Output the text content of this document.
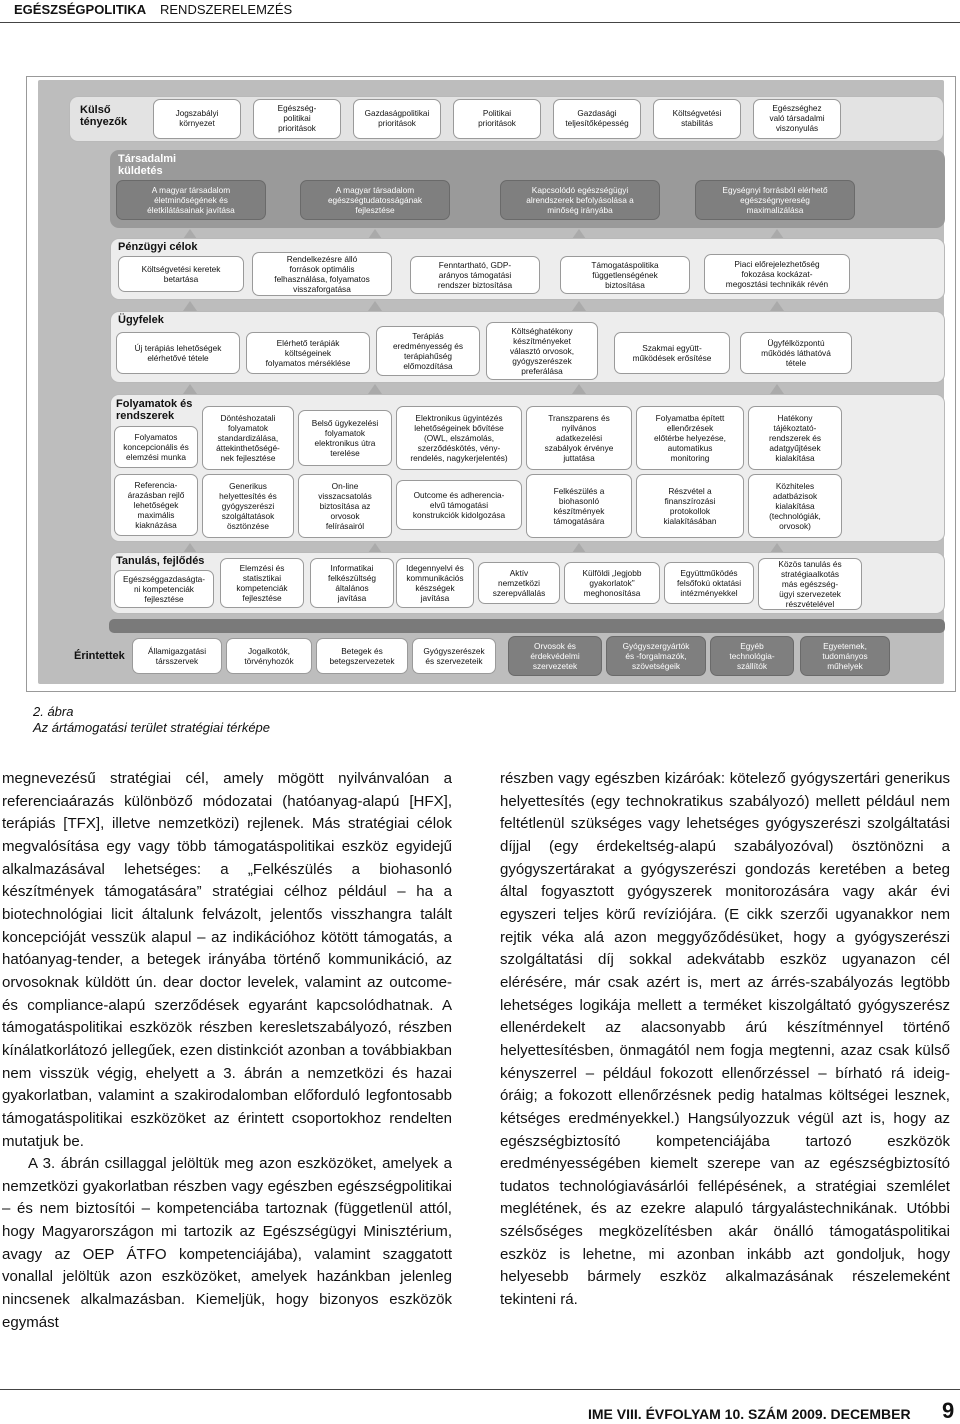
EGÉSZSÉGPOLITIKA RENDSZERELEMZÉS
Külső
tényezők
Jogszabályi
környezet
Egészség-
politikai
prioritások
Gazdaságpolitikai
prioritások
Politikai
prioritások
Gazdasági
teljesítőképesség
Költségvetési
stabilitás
Egészséghez
való társadalmi
viszonyulás
Társadalmi
küldetés
A magyar társadalom
életminőségének és
életkilátásainak javítása
A magyar társadalom
egészségtudatosságának
fejlesztése
Kapcsolódó egészségügyi
alrendszerek befolyásolása a
minőség irányába
Egységnyi forrásból elérhető
egészségnyereség
maximalizálása
Pénzügyi célok
Költségvetési keretek
betartása
Rendelkezésre álló
források optimális
felhasználása, folyamatos
visszaforgatása
Fenntartható, GDP-
arányos támogatási
rendszer biztosítása
Támogatáspolitika
függetlenségének
biztosítása
Piaci előrejelezhetőség
fokozása kockázat-
megosztási technikák révén
Ügyfelek
Új terápiás lehetőségek
elérhetővé tétele
Elérhető terápiák
költségeinek
folyamatos mérséklése
Terápiás
eredményesség és
terápiahűség
előmozdítása
Költséghatékony
készítményeket
választó orvosok,
gyógyszerészek
preferálása
Szakmai együtt-
működések erősítése
Ügyfélközpontú
működés láthatóvá
tétele
Folyamatok és
rendszerek
Folyamatos
koncepcionális és
elemzési munka
Referencia-
árazásban rejlő
lehetőségek
maximális
kiaknázása
Döntéshozatali
folyamatok
standardizálása,
áttekinthetőségé-
nek fejlesztése
Belső ügykezelési
folyamatok
elektronikus útra
terelése
Elektronikus ügyintézés
lehetőségeinek bővítése
(OWL, elszámolás,
szerződéskötés, vény-
rendelés, nagykerjelentés)
Transzparens és
nyilvános
adatkezelési
szabályok érvénye
juttatása
Folyamatba épített
ellenőrzések
előtérbe helyezése,
automatikus
monitoring
Hatékony
tájékoztató-
rendszerek és
adatgyűjtések
kialakítása
Generikus
helyettesítés és
gyógyszerészi
szolgáltatások
ösztönzése
On-line
visszacsatolás
biztosítása az
orvosok
felírásairól
Outcome és adherencia-
elvű támogatási
konstrukciók kidolgozása
Felkészülés a
biohasonló
készítmények
támogatására
Részvétel a
finanszírozási
protokollok
kialakításában
Közhiteles
adatbázisok
kialakítása
(technológiák,
orvosok)
Tanulás, fejlődés
Egészséggazdaságta-
ni kompetenciák
fejlesztése
Elemzési és
statisztikai
kompetenciák
fejlesztése
Informatikai
felkészültség
általános
javítása
Idegennyelvi és
kommunikációs
készségek
javítása
Aktív
nemzetközi
szerepvállalás
Külföldi „legjobb
gyakorlatok”
meghonosítása
Együttműködés
felsőfokú oktatási
intézményekkel
Közös tanulás és
stratégiaalkotás
más egészség-
ügyi szervezetek
részvételével
Érintettek	Államigazgatási
társszervek
Jogalkotók,
törvényhozók
Betegek és
betegszervezetek
Gyógyszerészek
és szervezeteik
Orvosok és
érdekvédelmi
szervezetek
Gyógyszergyártók
és -forgalmazók,
szövetségeik
Egyéb
technológia-
szállítók
Egyetemek,
tudományos
műhelyek
2. ábra
Az ártámogatási terület stratégiai térképe

megnevezésű stratégiai cél, amely mögött nyilvánvalóan a referenciaárazás különböző módozatai (hatóanyag-alapú [HFX], terápiás [TFX], illetve nemzetközi) rejlenek. Más stratégiai célok megvalósítása egy vagy több támogatáspolitikai eszköz egyidejű alkalmazásával lehetséges: a „Felkészülés a biohasonló készítmények támogatására” stratégiai célhoz például – ha a biotechnológiai licit általunk felvázolt, jelentős visszhangra talált koncepcióját vesszük alapul – az indikációhoz kötött támogatás, a hatóanyag-tender, a betegek irányába történő kommunikáció, az orvosoknak küldött ún. dear doctor levelek, valamint az outcome- és compliance-alapú szerződések egyaránt kapcsolódhatnak. A támogatáspolitikai eszközök részben keresletszabályozó, részben kínálatkorlátozó jellegűek, ezen distinkciót azonban a továbbiakban nem visszük végig, ehelyett a 3. ábrán a nemzetközi és hazai gyakorlatban, valamint a szakirodalomban előforduló legfontosabb támogatáspolitikai eszközöket az érintett csoportokhoz rendelten mutatjuk be.

A 3. ábrán csillaggal jelöltük meg azon eszközöket, amelyek a nemzetközi gyakorlatban részben vagy egészben egészségpolitikai – és nem biztosítói – kompetenciába tartoznak (függetlenül attól, hogy Magyarországon mi tartozik az Egészségügyi Minisztérium, avagy az OEP ÁTFO kompetenciájába), valamint szaggatott vonallal jelöltük azon eszközöket, amelyek hazánkban jelenleg nincsenek alkalmazásban. Kiemeljük, hogy bizonyos eszközök egymást

részben vagy egészben kizáróak: kötelező gyógyszertári generikus helyettesítés (egy technokratikus szabályozó) mellett például nem feltétlenül szükséges vagy lehetséges gyógyszerészi szolgáltatási díjjal (egy érdekeltség-alapú szabályozóval) ösztönözni a gyógyszertárakat a gyógyszerészi gondozás keretében a beteg által fogyasztott gyógyszerek monitorozására vagy akár évi egyszeri teljes körű revíziójára. (E cikk szerzői ugyanakkor nem rejtik véka alá azon meggyőződésüket, hogy a gyógyszerészi szolgáltatási díj sokkal adekvátabb eszköz ugyanazon cél elérésére, már csak azért is, mert az árrés-szabályozás legtöbb lehetséges logikája mellett a terméket kiszolgáltató gyógyszerész ellenérdekelt az alacsonyabb árú készítménnyel történő helyettesítésben, önmagától nem fogja megtenni, azaz csak külső kényszerrel – például fokozott ellenőrzéssel – bírható rá ideig-óráig; a fokozott ellenőrzésnek pedig hatalmas költségei lesznek, kétséges eredményekkel.) Hangsúlyozzuk végül azt is, hogy az egészségbiztosító kompetenciájába tartozó eszközök eredményességében kiemelt szerepe van az egészségbiztosító tudatos technológiavásárlói fellépésének, a stratégiai szemlélet meglétének, és az ezekre alapuló tárgyalástechnikának. Utóbbi szélsőséges megközelítésben akár önálló támogatáspolitikai eszköz is lehetne, mi azonban inkább azt gondoljuk, hogy helyesebb bármely eszköz alkalmazásának részelemeként tekinteni rá.

IME VIII. ÉVFOLYAM 10. SZÁM 2009. DECEMBER 9
